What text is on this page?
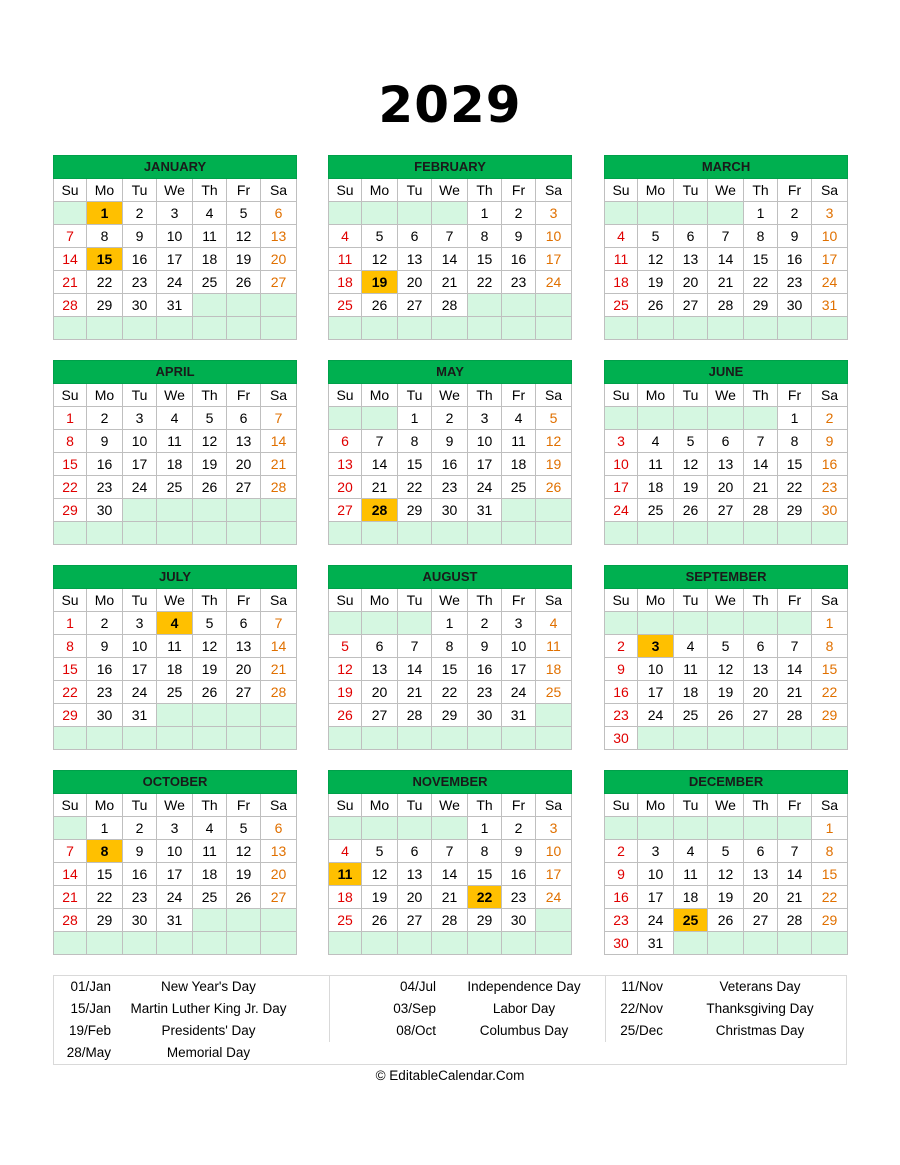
2029
JANUARY						
Su	Mo	Tu	We	Th	Fr	Sa
	1	2	3	4	5	6
7	8	9	10	11	12	13
14	15	16	17	18	19	20
21	22	23	24	25	26	27
28	29	30	31			

FEBRUARY						
Su	Mo	Tu	We	Th	Fr	Sa
				1	2	3
4	5	6	7	8	9	10
11	12	13	14	15	16	17
18	19	20	21	22	23	24
25	26	27	28			

MARCH						
Su	Mo	Tu	We	Th	Fr	Sa
				1	2	3
4	5	6	7	8	9	10
11	12	13	14	15	16	17
18	19	20	21	22	23	24
25	26	27	28	29	30	31

APRIL						
Su	Mo	Tu	We	Th	Fr	Sa
1	2	3	4	5	6	7
8	9	10	11	12	13	14
15	16	17	18	19	20	21
22	23	24	25	26	27	28
29	30					

MAY						
Su	Mo	Tu	We	Th	Fr	Sa
		1	2	3	4	5
6	7	8	9	10	11	12
13	14	15	16	17	18	19
20	21	22	23	24	25	26
27	28	29	30	31		

JUNE						
Su	Mo	Tu	We	Th	Fr	Sa
					1	2
3	4	5	6	7	8	9
10	11	12	13	14	15	16
17	18	19	20	21	22	23
24	25	26	27	28	29	30

JULY						
Su	Mo	Tu	We	Th	Fr	Sa
1	2	3	4	5	6	7
8	9	10	11	12	13	14
15	16	17	18	19	20	21
22	23	24	25	26	27	28
29	30	31				

AUGUST						
Su	Mo	Tu	We	Th	Fr	Sa
			1	2	3	4
5	6	7	8	9	10	11
12	13	14	15	16	17	18
19	20	21	22	23	24	25
26	27	28	29	30	31	

SEPTEMBER						
Su	Mo	Tu	We	Th	Fr	Sa
						1
2	3	4	5	6	7	8
9	10	11	12	13	14	15
16	17	18	19	20	21	22
23	24	25	26	27	28	29
30						
OCTOBER						
Su	Mo	Tu	We	Th	Fr	Sa
	1	2	3	4	5	6
7	8	9	10	11	12	13
14	15	16	17	18	19	20
21	22	23	24	25	26	27
28	29	30	31			

NOVEMBER						
Su	Mo	Tu	We	Th	Fr	Sa
				1	2	3
4	5	6	7	8	9	10
11	12	13	14	15	16	17
18	19	20	21	22	23	24
25	26	27	28	29	30	

DECEMBER						
Su	Mo	Tu	We	Th	Fr	Sa
						1
2	3	4	5	6	7	8
9	10	11	12	13	14	15
16	17	18	19	20	21	22
23	24	25	26	27	28	29
30	31					
01/Jan	New Year's Day
15/Jan	Martin Luther King Jr. Day
19/Feb	Presidents' Day
28/May	Memorial Day
04/Jul	Independence Day
03/Sep	Labor Day
08/Oct	Columbus Day
11/Nov	Veterans Day
22/Nov	Thanksgiving Day
25/Dec	Christmas Day
© EditableCalendar.Com
